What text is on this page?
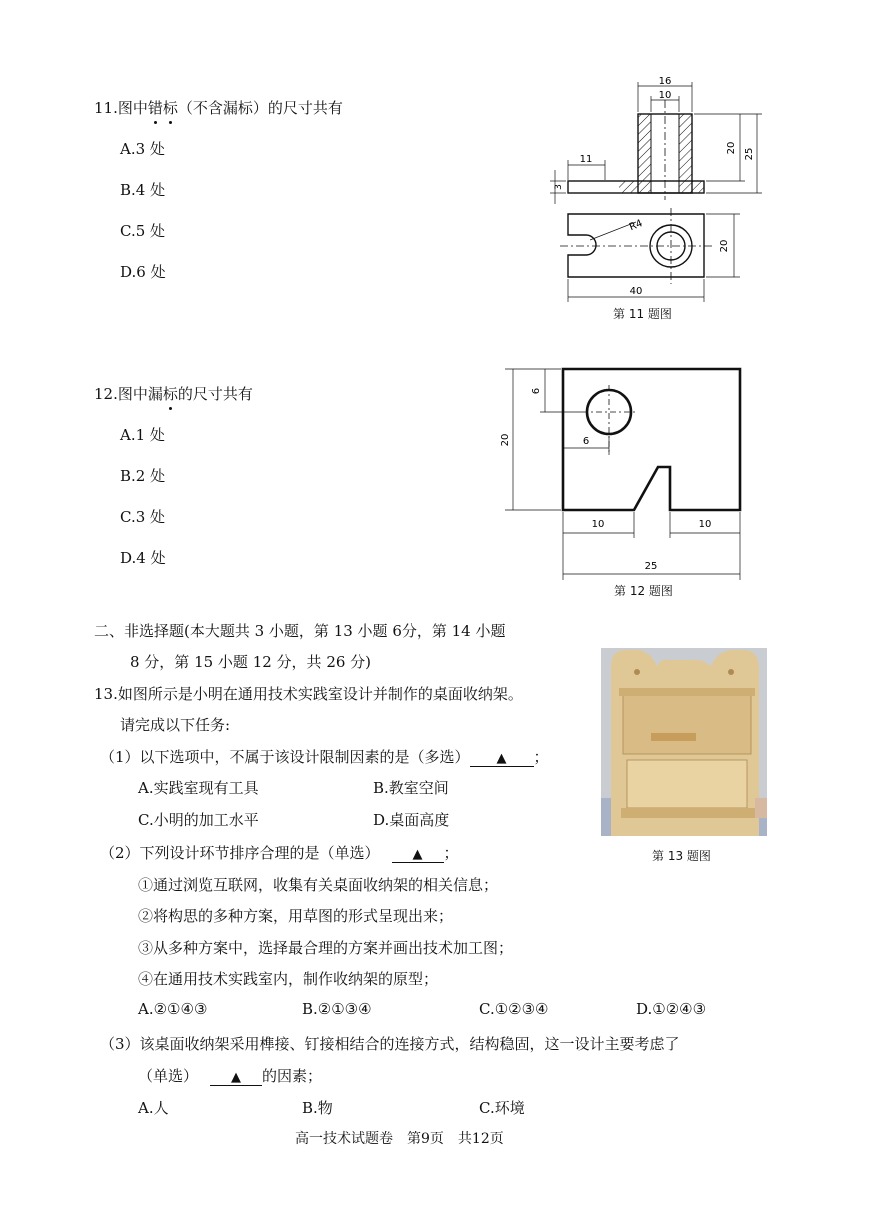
11.图中错标（不含漏标）的尺寸共有
A.3 处
B.4 处
C.5 处
D.6 处
16
10
11
20 25
3
R4
20
40
第 11 题图
12.图中漏标的尺寸共有
A.1 处
B.2 处
C.3 处
D.4 处
6
20	6
10	10
25
第 12 题图
二、非选择题(本大题共 3 小题，第 13 小题 6分，第 14 小题
8 分，第 15 小题 12 分，共 26 分)
13.如图所示是小明在通用技术实践室设计并制作的桌面收纳架。
请完成以下任务:
第 13 题图
（1）以下选项中，不属于该设计限制因素的是（多选） ▲ ；
A.实践室现有工具	B.教室空间
C.小明的加工水平	D.桌面高度
（2）下列设计环节排序合理的是（单选）	▲ ；
①通过浏览互联网，收集有关桌面收纳架的相关信息；
②将构思的多种方案，用草图的形式呈现出来；
③从多种方案中，选择最合理的方案并画出技术加工图；
④在通用技术实践室内，制作收纳架的原型；
A.②①④③	B.②①③④	C.①②③④	D.①②④③
（3）该桌面收纳架采用榫接、钉接相结合的连接方式，结构稳固，这一设计主要考虑了
（单选）	▲ 的因素；
A.人	B.物	C.环境
高一技术试题卷　第9页　共12页
